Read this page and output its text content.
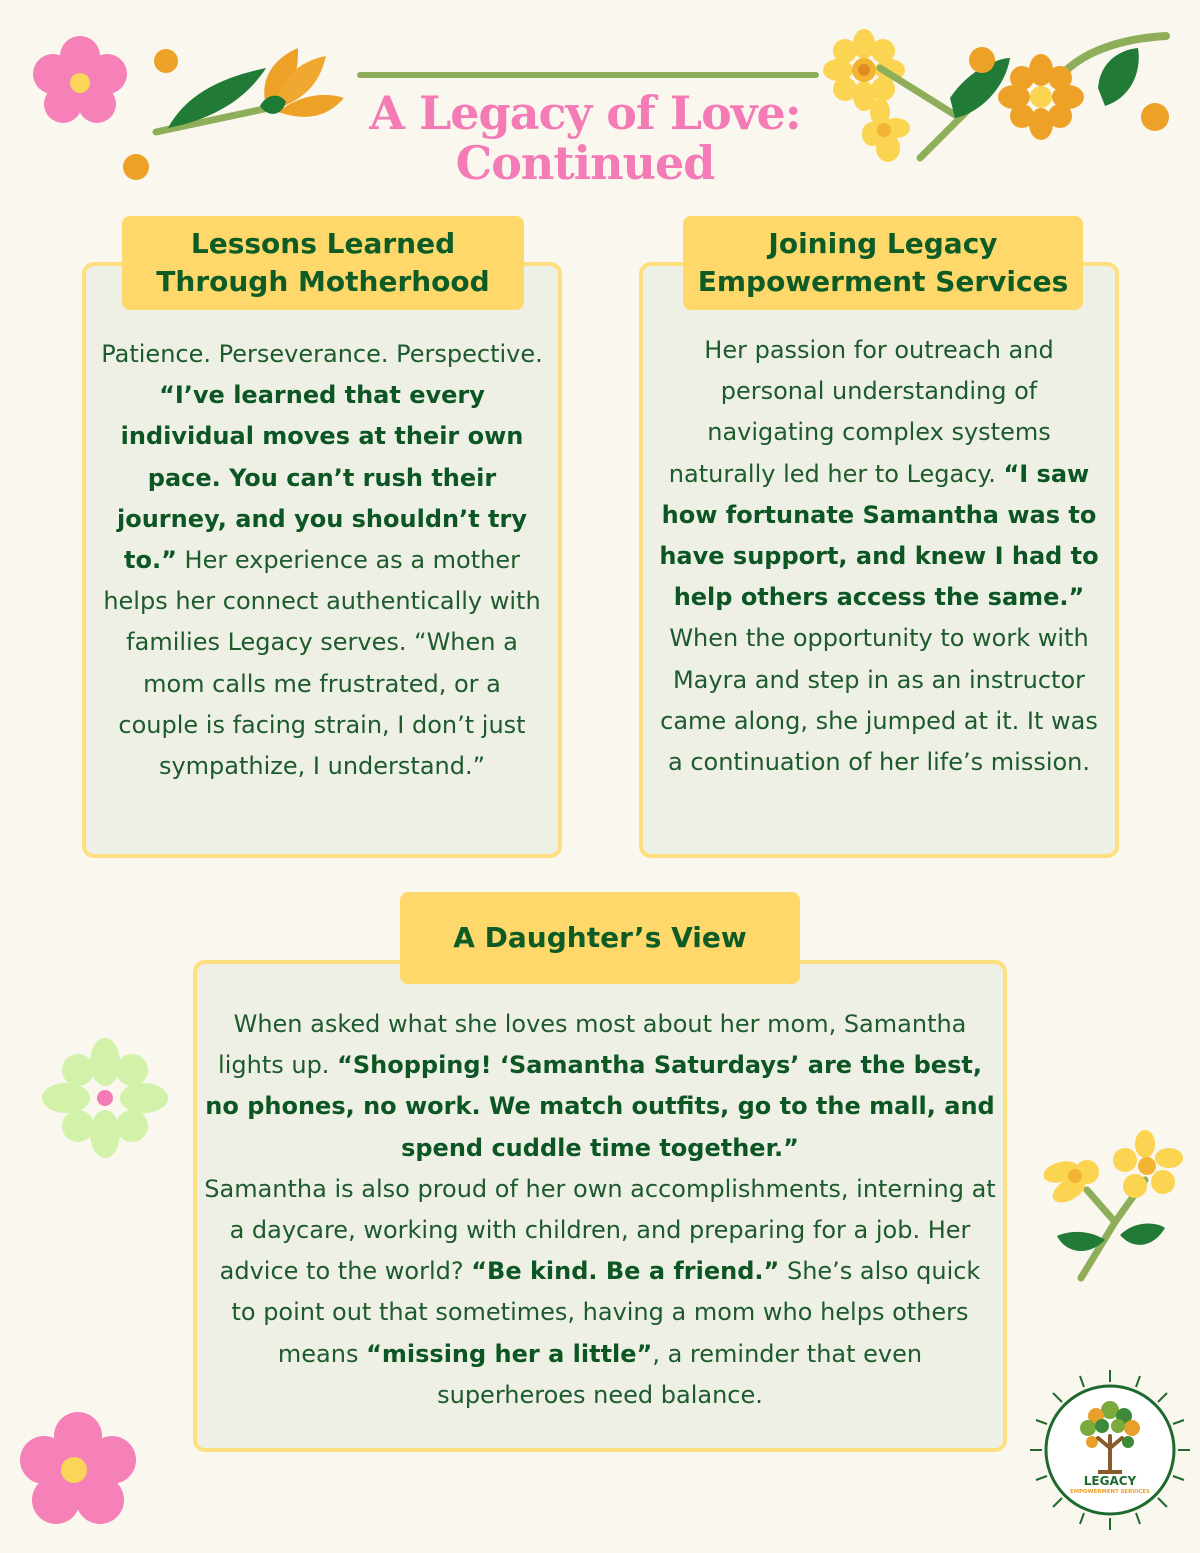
A Legacy of Love:
Continued
Lessons Learned
Through Motherhood
Patience. Perseverance. Perspective. “I’ve learned that every individual moves at their own pace. You can’t rush their journey, and you shouldn’t try to.” Her experience as a mother helps her connect authentically with families Legacy serves. “When a mom calls me frustrated, or a couple is facing strain, I don’t just sympathize, I understand.”
Joining Legacy
Empowerment Services
Her passion for outreach and personal understanding of navigating complex systems naturally led her to Legacy. “I saw how fortunate Samantha was to have support, and knew I had to help others access the same.” When the opportunity to work with Mayra and step in as an instructor came along, she jumped at it. It was a continuation of her life’s mission.
A Daughter’s View
When asked what she loves most about her mom, Samantha lights up. “Shopping! ‘Samantha Saturdays’ are the best, no phones, no work. We match outfits, go to the mall, and spend cuddle time together.”
Samantha is also proud of her own accomplishments, interning at a daycare, working with children, and preparing for a job. Her advice to the world? “Be kind. Be a friend.” She’s also quick to point out that sometimes, having a mom who helps others means “missing her a little”, a reminder that even superheroes need balance.
LEGACY
EMPOWERMENT SERVICES
